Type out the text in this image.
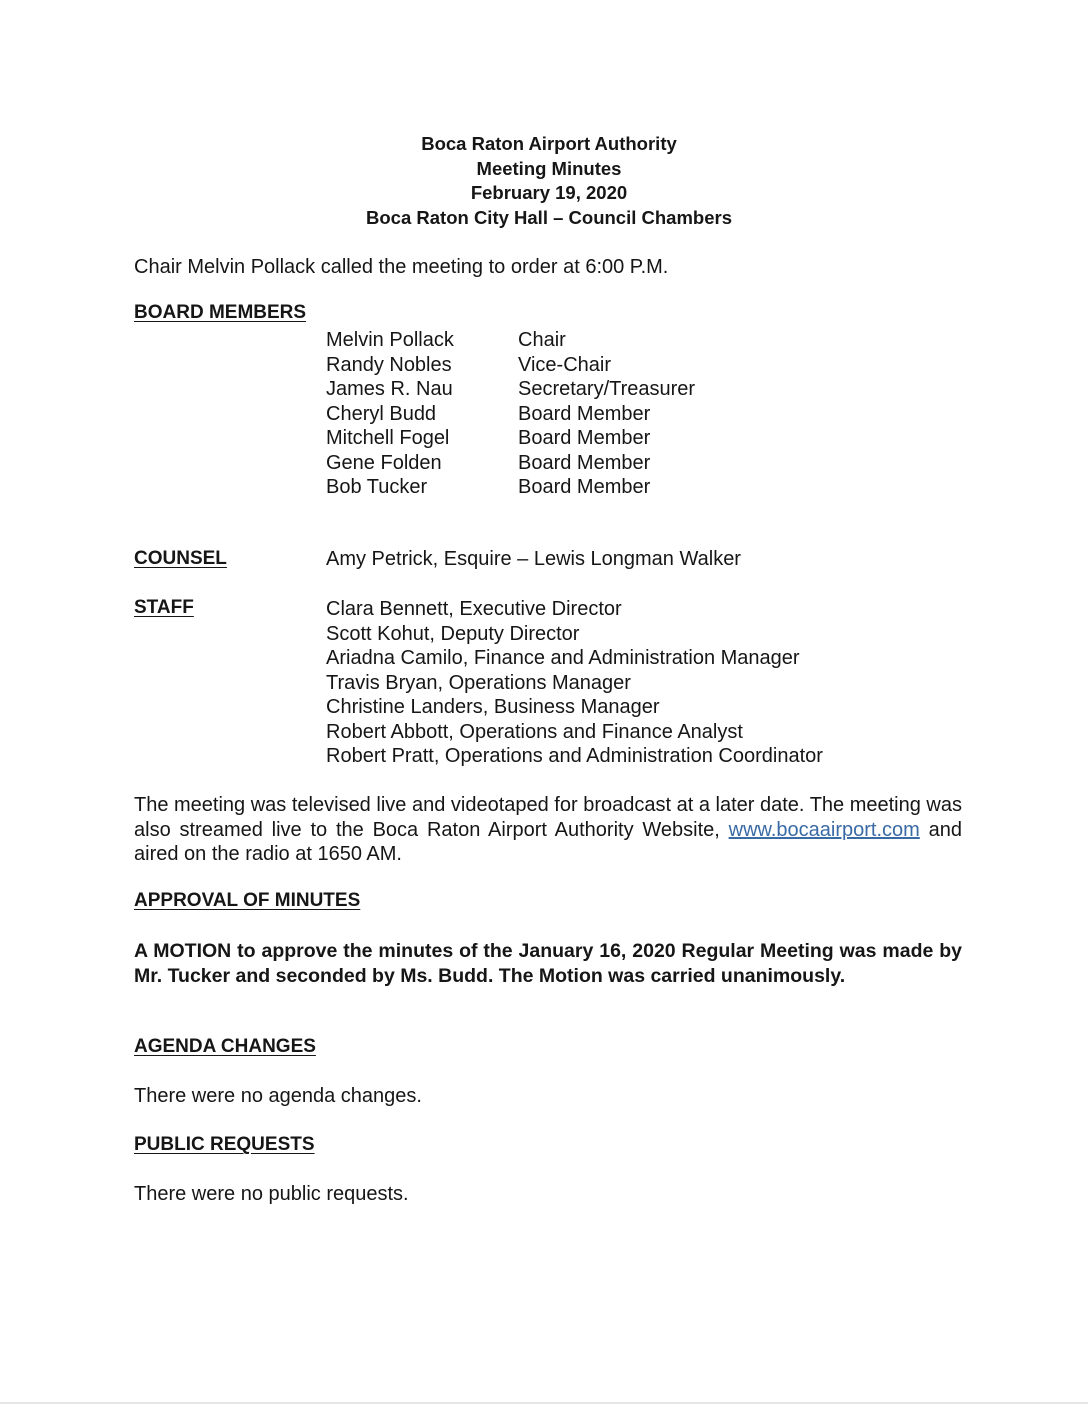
Boca Raton Airport Authority
Meeting Minutes
February 19, 2020
Boca Raton City Hall – Council Chambers
Chair Melvin Pollack called the meeting to order at 6:00 P.M.
BOARD MEMBERS
Melvin Pollack	Chair
Randy Nobles	Vice-Chair
James R. Nau	Secretary/Treasurer
Cheryl Budd	Board Member
Mitchell Fogel	Board Member
Gene Folden	Board Member
Bob Tucker	Board Member
COUNSEL	Amy Petrick, Esquire – Lewis Longman Walker
STAFF	Clara Bennett, Executive Director
Scott Kohut, Deputy Director
Ariadna Camilo, Finance and Administration Manager
Travis Bryan, Operations Manager
Christine Landers, Business Manager
Robert Abbott, Operations and Finance Analyst
Robert Pratt, Operations and Administration Coordinator
The meeting was televised live and videotaped for broadcast at a later date. The meeting was also streamed live to the Boca Raton Airport Authority Website, www.bocaairport.com and aired on the radio at 1650 AM.
APPROVAL OF MINUTES
A MOTION to approve the minutes of the January 16, 2020 Regular Meeting was made by Mr. Tucker and seconded by Ms. Budd. The Motion was carried unanimously.
AGENDA CHANGES
There were no agenda changes.
PUBLIC REQUESTS
There were no public requests.
